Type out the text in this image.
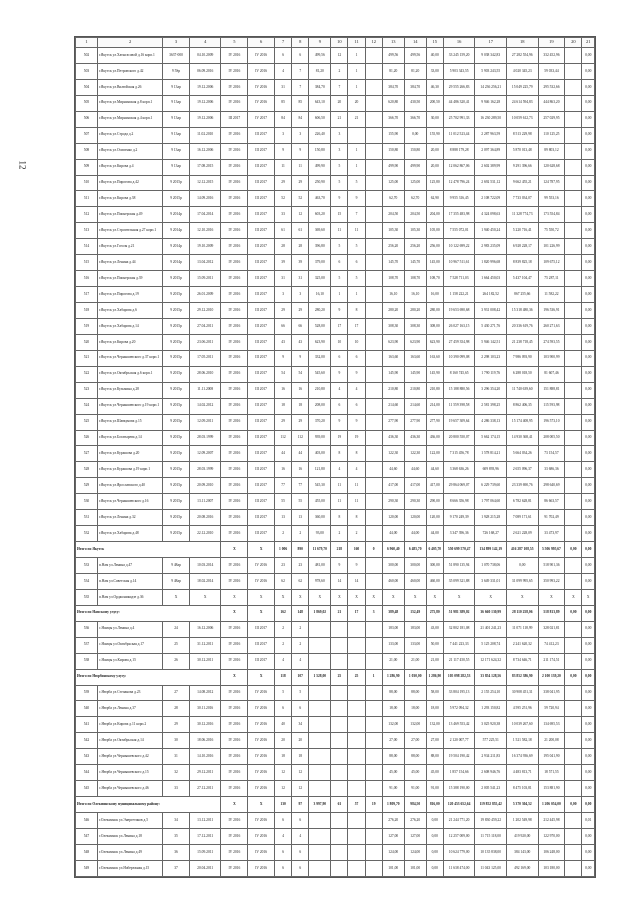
12
1	2	3	4	5	6	7	8	9	10	11	12	13	14	15	16	17	18	19	20	21
502	г.Якутск ул.Хатыгасовой д.16 корп.1	3637-000	04.10.2009	IV 2016	IV 2016	6	6	499,56	12	1		499,56	499,56	40,00	33 245 159,20	9 038 342,83	27 282 554,96	332 452,96		0,00
503	г.Якутск ул.Петровского д.42	9 5Sp	06.09.2016	IV 2016	IV 2016	4	7	81,20	2	1		81,20	81,20	33,00	5 903 343,55	5 903 243,55	4 020 345,23	59 033,44		0,00
504	г.Якутск ул.Вилюйская д.26	9 13ар	19.12.2006	IV 2016	IV 2016	31	7	384,70	7	1		384,70	384,70	46,30	29 555 266,83	14 236 256,21	15 049 225,79	295 532,66		0,00
505	г.Якутск ул.Мирнинская д.8 корп.1	9 13ар	19.12.2006	IV 2016	IV 2016	85	85	643,10	20	20		620,80	430,50	200,50	44 486 320,41	9 946 162,28	24 614 594,83	444 863,20		0,00
506	г.Якутск ул.Мирнинская д.4 корп.1	9 13ар	19.12.2006	III 2017	IV 2017	84	84	606,50	21	21		366,70	366,70	30,00	25 702 991,33	16 230 289,50	10 059 612,73	257 029,95		0,00
507	г.Якутск ул.Строда д.2	9 13ар	11.02.2010	IV 2016	III 2017	3	3	226,40	3			155,90	0,00	155,90	11 012 523,44	2 287 963,59	8 513 229,98	110 125,25		0,00
508	г.Якутск ул.Осипенко д.2	9 13ар	16.12.2006	IV 2016	III 2017	9	9	150,80	3	1		150,80	150,80	20,00	8 888 179,28	2 097 364,89	5 870 013,48	89 803,12		0,00
509	г.Якутск ул.Кирова д.4	9 13ар	17.08.2015	IV 2016	III 2017	11	11	499,90	5	1		499,90	499,90	20,00	12 062 867,06	2 602 389,99	9 291 396,66	120 628,68		0,00
510	г.Якутск ул.Пирогова д.42	9 2015р	12.12.2015	IV 2016	III 2017	29	29	250,90	5	5		125,00	125,00	125,80	12 478 796,24	2 692 531,12	9 662 455,21	124 787,95		0,00
511	г.Якутск ул.Кирова д.38	9 2015р	14.09.2016	IV 2016	III 2017	52	52	463,70	9	9		62,70	62,70	62,90	9 955 316,45	2 108 722,09	7 733 034,07	99 553,16		0,00
512	г.Якутск ул.Пионерская д.49	9 2014р	17.04.2014	IV 2016	III 2017	33	12	603,20	15	7		204,50	204,50	204,00	17 355 483,98	4 324 098,63	11 328 774,73	173 554,84		0,00
513	г.Якутск ул.Строительная д.27 корп.1	9 2014р	12.10.2016	IV 2016	III 2017	61	61	369,60	11	11		105,30	105,30	105,00	7 555 072,01	1 940 450,24	5 220 716,41	75 550,72		0,00
514	г.Якутск ул.Гоголя д.21	9 2014р	19.10.2009	IV 2016	III 2017	28	28	396,80	5	5		256,20	256,20	256,00	10 122 699,22	2 983 235,09	6 928 228,17	101 226,99		0,00
515	г.Якутск ул.Ленина д.44	9 2014р	13.04.2012	IV 2016	III 2017	39	39	379,00	6	6		145,70	145,70	145,00	10 967 511,61	1 820 996,68	8 839 825,18	109 675,12		0,00
516	г.Якутск ул.Пионерская д.39	9 2015р	15.09.2011	IV 2016	III 2017	31	31	325,00	5	5		108,70	108,70	108,70	7 528 711,03	1 664 450,03	5 437 104,47	75 287,11		0,00
517	г.Якутск ул.Пирогова д.19	9 2015р	26.01.2009	IV 2016	III 2017	3	3	16,10	1	1		16,10	16,10	16,00	1 158 222,21	264 182,52	867 255,66	11 582,22		0,00
518	г.Якутск ул.Хабарова д.6	9 2015р	29.12.2010	IV 2016	III 2017	29	29	280,20	9	8		280,20	280,20	280,00	19 653 690,68	3 931 008,42	15 318 480,36	196 536,91		0,00
519	г.Якутск ул.Хабарова д.14	9 2015р	27.04.2011	IV 2016	III 2017	66	66	528,00	17	17		308,30	308,30	308,00	26 027 163,15	5 430 271,76	20 336 619,76	260 271,63		0,00
520	г.Якутск ул.Кирова д.20	9 2015р	23.06.2011	IV 2016	III 2017	43	43	623,90	10	10		623,90	623,90	623,90	27 459 354,98	5 946 142,51	21 238 718,45	274 593,55		0,00
521	г.Якутск ул.Чернышевского д.37 корп.1	9 2015р	17.05.2011	IV 2016	III 2017	9	9	332,00	6	6		163,60	163,60	163,60	10 390 099,08	2 298 103,23	7 986 093,90	103 900,99		0,00
522	г.Якутск ул.Октябрьская д.6 корп.1	9 2015р	28.06.2010	IV 2016	III 2017	54	54	545,60	9	9		145,90	145,90	145,90	8 160 745,65	1 790 119,76	6 288 018,50	81 607,46		0,00
523	г.Якутск ул.Кузьмина д.28	9 2015р	11.11.2008	IV 2016	III 2017	16	16	210,80	4	4		210,80	210,80	210,80	15 188 880,56	3 296 354,20	11 740 639,60	151 888,81		0,00
524	г.Якутск ул.Чернышевского д.19 корп.1	9 2015р	14.02.2012	IV 2016	III 2017	18	18	208,00	6	6		214,60	214,60	214,00	11 559 398,58	2 581 398,25	8 862 406,35	115 593,98		0,00
525	г.Якутск ул.Шавкунова д.15	9 2015р	12.09.2011	IV 2016	III 2017	29	29	370,20	9	9		277,90	277,90	277,90	19 657 309,64	4 286 338,13	15 174 408,95	196 573,10		0,00
526	г.Якутск ул.Богатырева д.14	9 2015р	28.03.1999	IV 2016	III 2017	112	112	939,00	19	19		436,30	436,30	436,00	20 800 550,07	5 662 174,15	14 930 368,41	208 005,50		0,00
527	г.Якутск ул.Курашова д.20	9 2015р	12.09.2007	IV 2016	III 2017	44	44	403,00	8	8		122,30	122,30	122,00	7 315 456,78	1 578 814,21	5 664 034,26	73 154,57		0,00
528	г.Якутск ул.Курашова д.19 корп.1	9 2015р	28.03.1999	IV 2016	III 2017	16	16	121,80	4	4		44,60	44,60	44,60	3 368 636,26	609 893,96	2 655 096,37	33 686,36		0,00
529	г.Якутск ул.Ярославского д.40	9 2015р	20.09.2010	IV 2016	III 2017	77	77	545,30	11	11		417,00	417,00	417,00	29 864 069,07	6 229 739,60	23 339 690,76	298 640,69		0,00
530	г.Якутск ул.Чернышевского д.16	9 2015р	13.11.2007	IV 2016	III 2017	55	55	455,00	11	11		290,30	290,30	290,00	8 666 356,98	1 797 064,60	6 782 628,81	86 663,57		0,00
531	г.Якутск ул.Ленина д.32	9 2015р	20.08.2016	IV 2016	III 2017	13	13	360,00	8	8		120,00	120,00	120,00	9 170 249,39	1 928 215,28	7 089 171,61	91 702,49		0,00
532	г.Якутск ул.Хабарова д.48	9 2015р	22.12.2010	IV 2016	III 2017	2	2	93,00	2	2		44,00	44,00	44,00	3 347 396,36	726 168,27	2 621 228,09	33 473,97		0,00
Итого по Якутск				X	X	1 006	890	11 679,70	218	160	0	6 960,40	6 485,70	6 405,70	550 699 570,47	134 899 142,19	416 287 108,55	5 506 995,67	0,00	0,00
533	п.Нам ул.Ленина д.47	9 48ар	10.03.2014	IV 2016	IV 2016	23	23	481,00	9	9		300,00	300,00	300,00	51 890 135,94	1 070 738,06	0,00	518 901,36		0,00
534	п.Нам ул.Советская д.14	9 48ар	18.02.2014	IV 2016	IV 2016	62	62	978,60	14	14		460,00	460,00	460,00	35 099 321,88	3 649 331,01	31 099 995,65	350 993,22		0,00
535	п.Нам ул.Орджоникидзе д.36	X	X	X	X	X	X	X	X	X	X	X	X	X	X	X	X	X	X	X
Итого по Намскому улусу:				X	X	162	148	1 869,02	21	17	3	389,48	152,49	275,80	51 981 389,02	36 660 130,99	28 110 258,06	518 813,89	0,00	0,00
536	с.Намцы ул.Ленина д.4	24	16.12.2006	IV 2016	III 2017	2	2					183,00	183,00	43,00	32 802 181,08	21 401 241,23	11 071 118,99	328 021,81		0,00
537	с.Намцы ул.Октябрьская д.17	25	31.12.2011	IV 2016	III 2017	2	2					133,00	133,00	50,00	7 441 223,33	5 125 208,74	2 241 620,32	74 412,23		0,00
538	с.Намцы ул.Кирова д.15	26	30.12.2011	IV 2016	III 2017	4	4					21,00	21,00	21,00	21 117 450,55	12 171 624,32	8 734 646,71	211 174,51		0,00
Итого по Нюрбинскому улусу:				X	X	118	107	1 528,00	25	25	1	1 286,90	1 030,00	1 286,90	105 098 282,53	33 854 128,56	83 852 386,90	2 100 139,20	0,00	0,00
539	с.Нюрба ул.Степанова д.23	27	14.08.2012	IV 2016	IV 2016	5	5					88,00	88,00	58,00	33 804 195,13	2 155 254,10	30 908 451,31	338 041,95		0,00
540	с.Нюрба ул.Ленина д.37	28	30.11.2016	IV 2016	IV 2016	6	6					18,00	18,00	18,00	5 972 094,32	1 293 150,82	4 595 251,96	59 720,94		0,00
541	с.Нюрба ул.Кирова д.11 корп.2	29	30.12.2016	IV 2016	IV 2016	40	34					132,00	132,00	132,00	13 469 553,42	3 025 920,38	10 039 267,60	134 695,53		0,00
542	с.Нюрба ул.Октябрьская д.14	30	18.06.2016	IV 2016	IV 2016	20	20					27,00	27,00	27,00	2 120 007,77	577 225,51	1 521 582,18	21 200,08		0,00
543	с.Нюрба ул.Чернышевского д.42	31	14.10.2016	IV 2016	IV 2016	18	18					88,00	88,00	88,00	19 504 190,42	2 934 211,83	16 374 936,69	195 041,90		0,00
544	с.Нюрба ул.Чернышевского д.15	32	29.12.2011	IV 2016	IV 2016	12	12					45,00	45,00	45,00	1 857 154,66	2 608 946,76	4 483 813,71	18 571,55		0,00
545	с.Нюрба ул.Чернышевского д.46	33	27.12.2011	IV 2016	IV 2016	12	12					91,00	91,00	91,00	15 388 190,00	2 005 541,23	8 475 103,81	153 881,90		0,00
Итого по Олекминскому муниципальному району:				X	X	130	97	3 997,90	61	57	19	1 809,70	984,50	816,00	120 453 652,64	119 852 855,42	5 370 304,52	1 206 054,00	0,00	0,00
546	г.Олекминск ул.Энергетиков д.5	34	13.12.2011	IV 2016	IV 2016	6	6					276,20	276,20	0,00	21 244 771,20	19 830 459,22	1 202 549,98	212 445,98		0,01
547	г.Олекминск ул.Ленина д.18	35	17.12.2011	IV 2016	IV 2016	4	4					127,00	127,00	0,00	12 257 009,00	11 715 118,00	419 920,00	122 970,00		0,00
548	г.Олекминск ул.Ленина д.49	36	15.09.2011	IV 2016	IV 2016	6	6					124,00	124,00	0,00	10 624 779,00	10 135 838,00	384 143,00	106 248,00		0,00
549	г.Олекминск ул.Набережная д.15	37	20.04.2011	IV 2016	IV 2016	6	6					101,00	101,00	0,00	11 638 474,00	11 043 125,00	492 169,00	103 180,00		0,00
